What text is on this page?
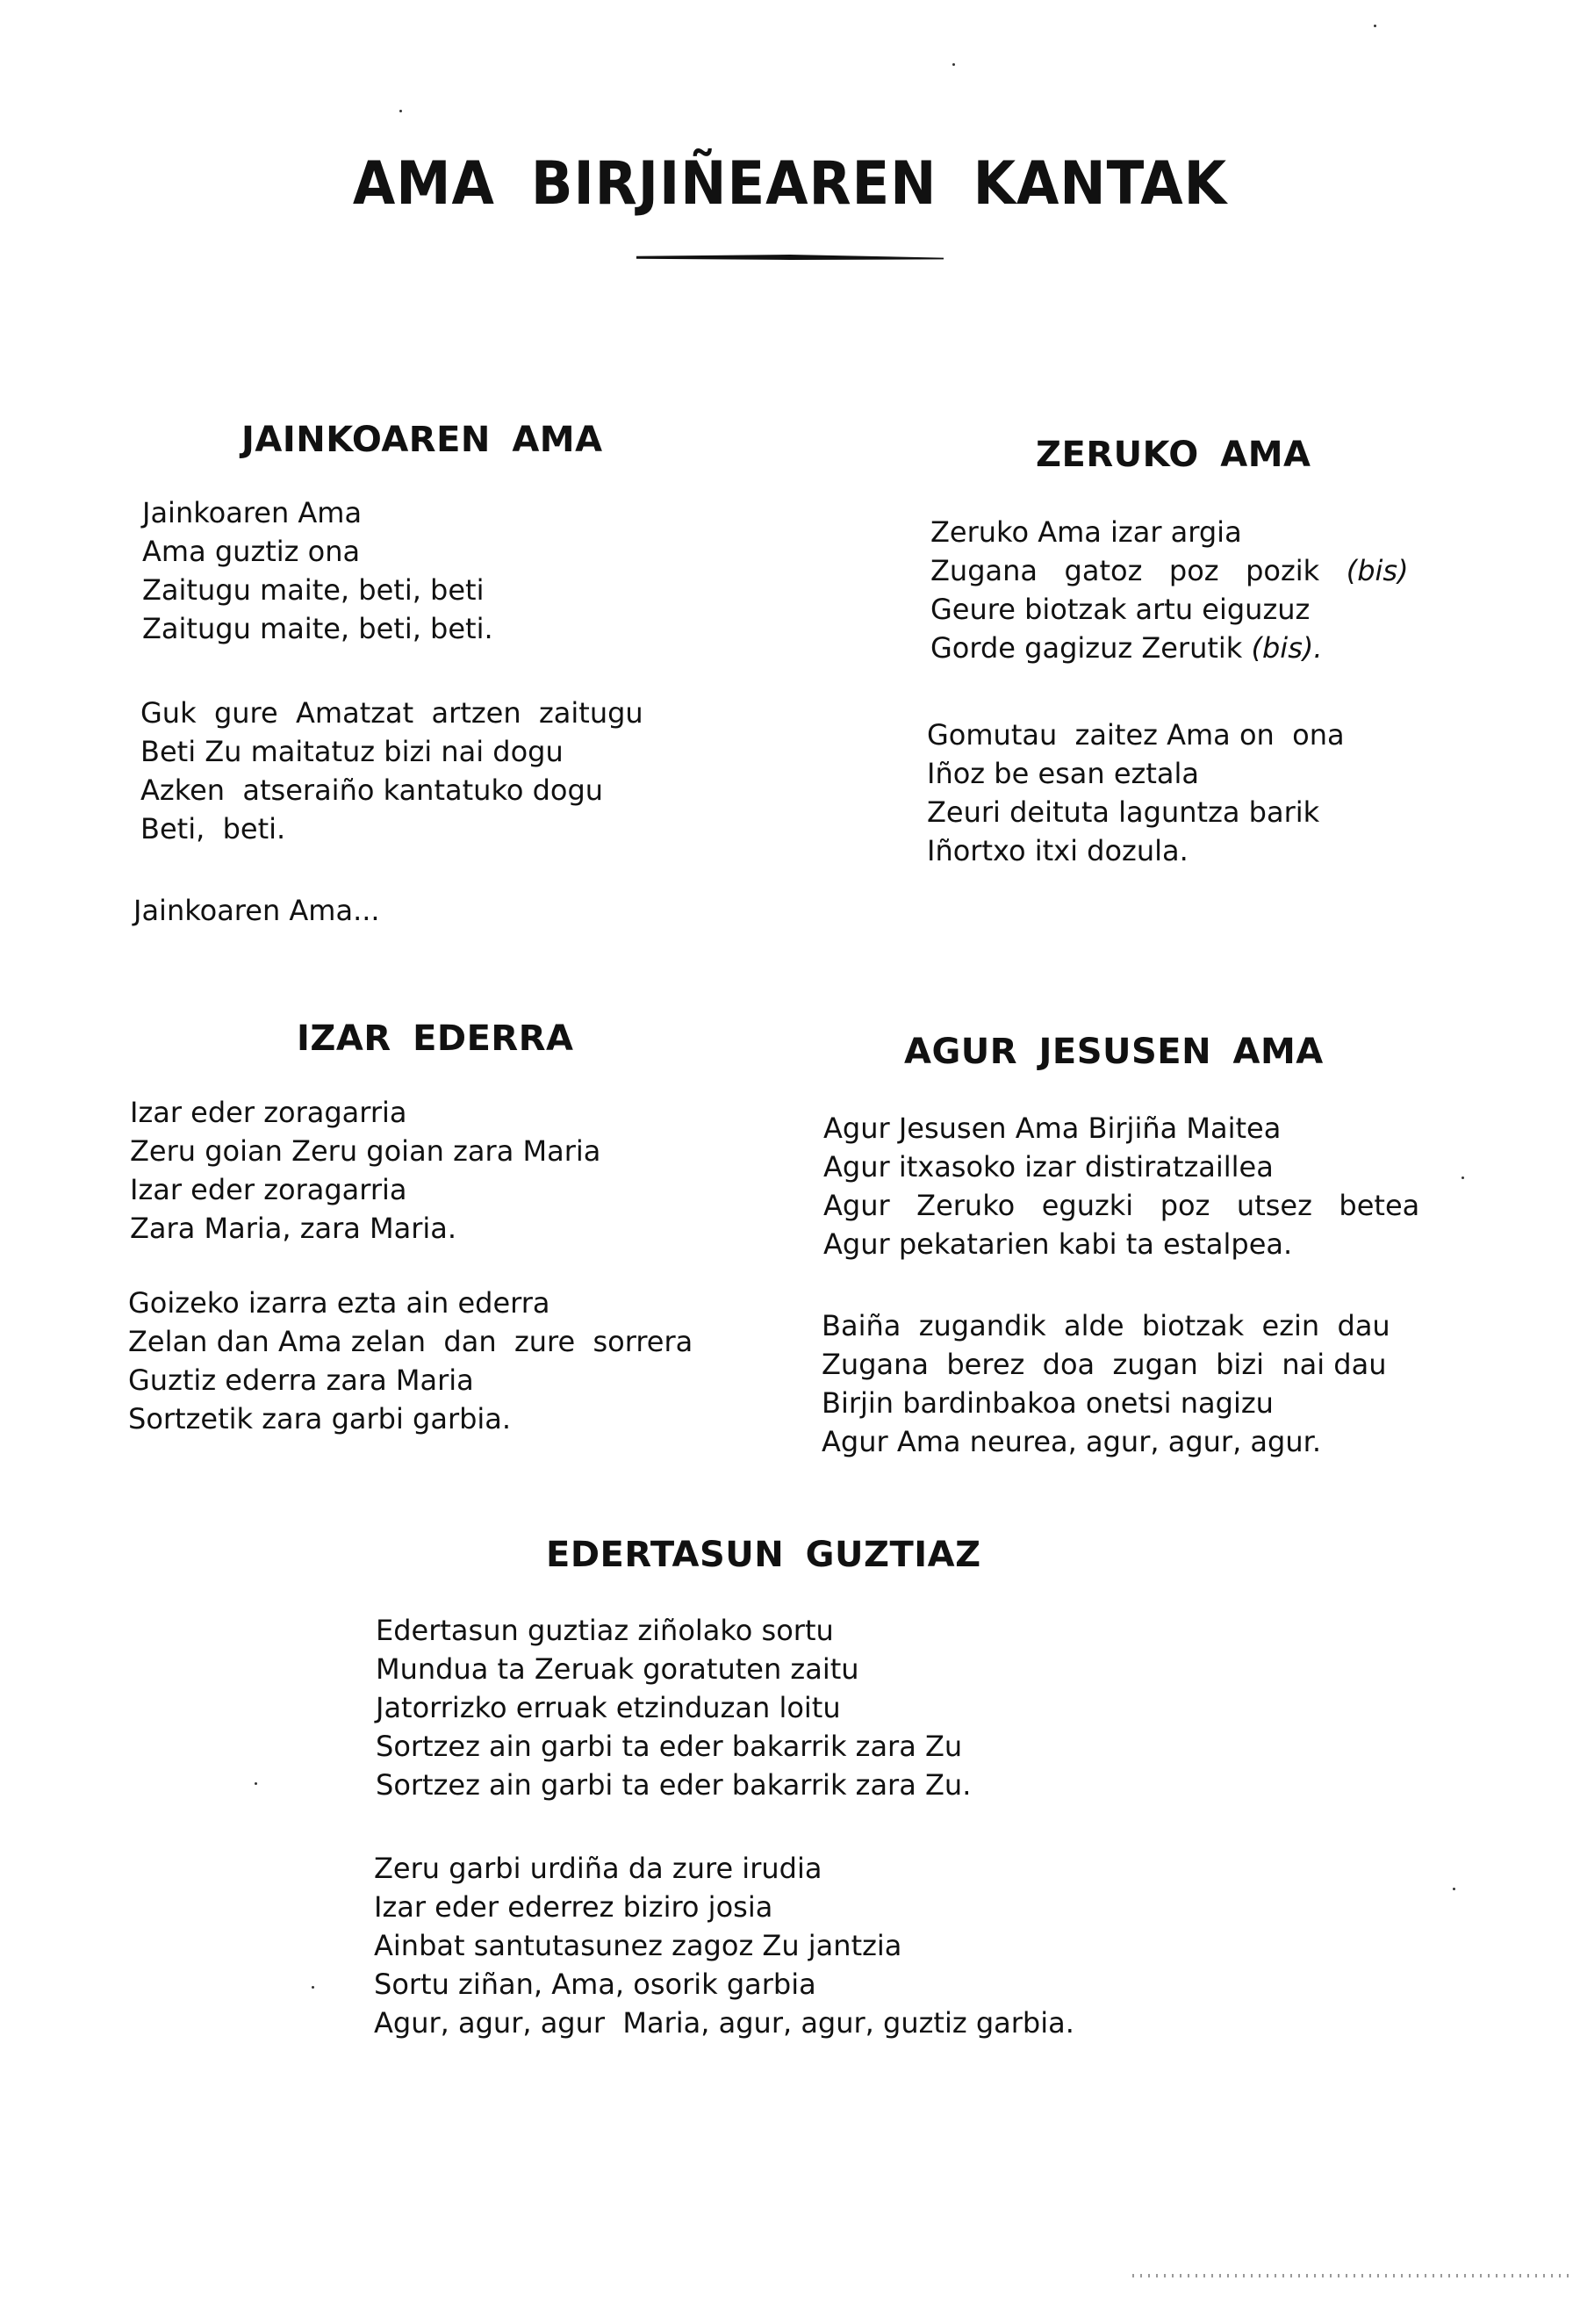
AMA BIRJIÑEAREN KANTAK
JAINKOAREN AMA
Jainkoaren Ama
Ama guztiz ona
Zaitugu maite, beti, beti
Zaitugu maite, beti, beti.
Guk  gure  Amatzat  artzen  zaitugu
Beti Zu maitatuz bizi nai dogu
Azken  atseraiño kantatuko dogu
Beti,  beti.
Jainkoaren Ama...
ZERUKO AMA
Zeruko Ama izar argia
Zugana   gatoz   poz   pozik (bis)
Geure biotzak artu eiguzuz
Gorde gagizuz Zerutik (bis).
Gomutau  zaitez Ama on  ona
Iñoz be esan eztala
Zeuri deituta laguntza barik
Iñortxo itxi dozula.
IZAR EDERRA
Izar eder zoragarria
Zeru goian Zeru goian zara Maria
Izar eder zoragarria
Zara Maria, zara Maria.
Goizeko izarra ezta ain ederra
Zelan dan Ama zelan  dan  zure  sorrera
Guztiz ederra zara Maria
Sortzetik zara garbi garbia.
AGUR JESUSEN AMA
Agur Jesusen Ama Birjiña Maitea
Agur itxasoko izar distiratzaillea
Agur   Zeruko   eguzki   poz   utsez   betea
Agur pekatarien kabi ta estalpea.
Baiña  zugandik  alde  biotzak  ezin  dau
Zugana  berez  doa  zugan  bizi  nai dau
Birjin bardinbakoa onetsi nagizu
Agur Ama neurea, agur, agur, agur.
EDERTASUN GUZTIAZ
Edertasun guztiaz ziñolako sortu
Mundua ta Zeruak goratuten zaitu
Jatorrizko erruak etzinduzan loitu
Sortzez ain garbi ta eder bakarrik zara Zu
Sortzez ain garbi ta eder bakarrik zara Zu.
Zeru garbi urdiña da zure irudia
Izar eder ederrez biziro josia
Ainbat santutasunez zagoz Zu jantzia
Sortu ziñan, Ama, osorik garbia
Agur, agur, agur  Maria, agur, agur, guztiz garbia.
